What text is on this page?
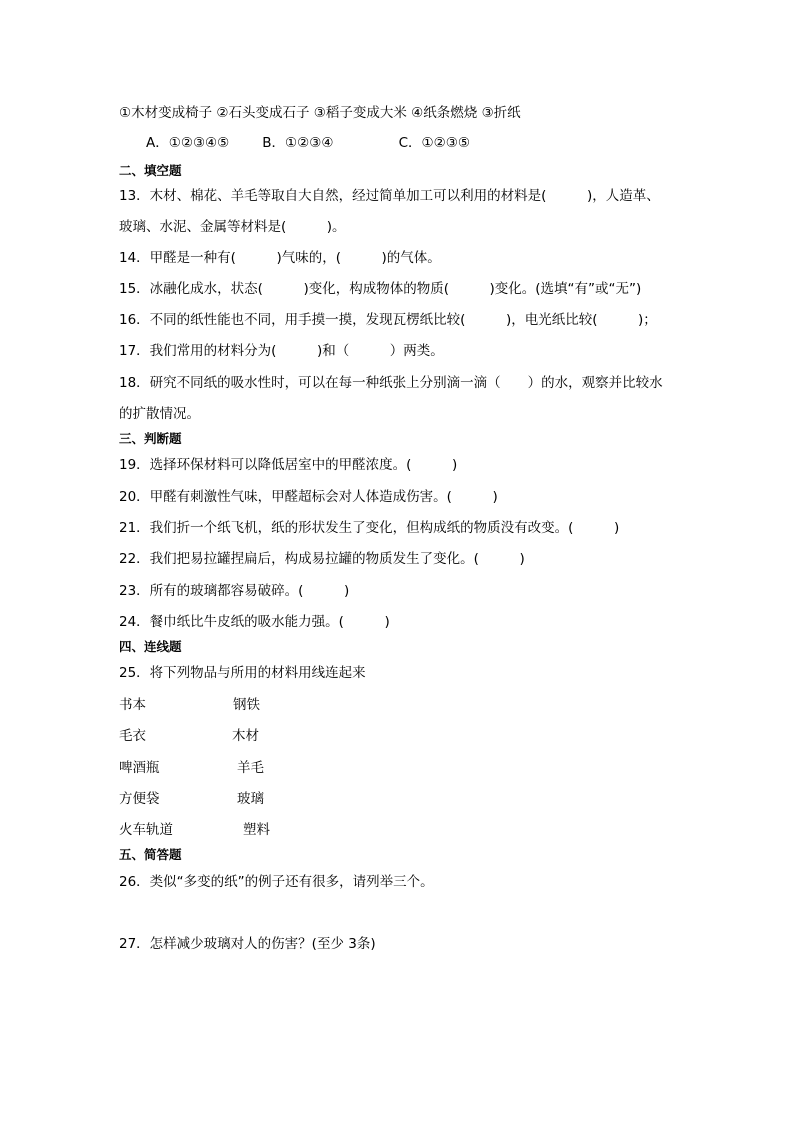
①木材变成椅子 ②石头变成石子 ③稻子变成大米 ④纸条燃烧 ③折纸
A．①②③④⑤ B．①②③④	C．①②③⑤
二、填空题
13．木材、棉花、羊毛等取自大自然，经过简单加工可以利用的材料是(　　　)，人造革、
玻璃、水泥、金属等材料是(　　　)。
14．甲醛是一种有(　　　)气味的，(　　　)的气体。
15．冰融化成水，状态(　　　)变化，构成物体的物质(　　　)变化。(选填“有”或“无”)
16．不同的纸性能也不同，用手摸一摸，发现瓦楞纸比较(　　　)，电光纸比较(　　　)；
17．我们常用的材料分为(　　　)和（　　　）两类。
18．研究不同纸的吸水性时，可以在每一种纸张上分别滴一滴（　　）的水，观察并比较水
的扩散情况。
三、判断题
19．选择环保材料可以降低居室中的甲醛浓度。(　　　)
20．甲醛有刺激性气味，甲醛超标会对人体造成伤害。(　　　)
21．我们折一个纸飞机，纸的形状发生了变化，但构成纸的物质没有改变。(　　　)
22．我们把易拉罐捏扁后，构成易拉罐的物质发生了变化。(　　　)
23．所有的玻璃都容易破碎。(　　　)
24．餐巾纸比牛皮纸的吸水能力强。(　　　)
四、连线题
25．将下列物品与所用的材料用线连起来
书本	钢铁
毛衣	木材
啤酒瓶	羊毛
方便袋	玻璃
火车轨道	塑料
五、简答题
26．类似“多变的纸”的例子还有很多，请列举三个。
27．怎样减少玻璃对人的伤害？(至少 3条)
